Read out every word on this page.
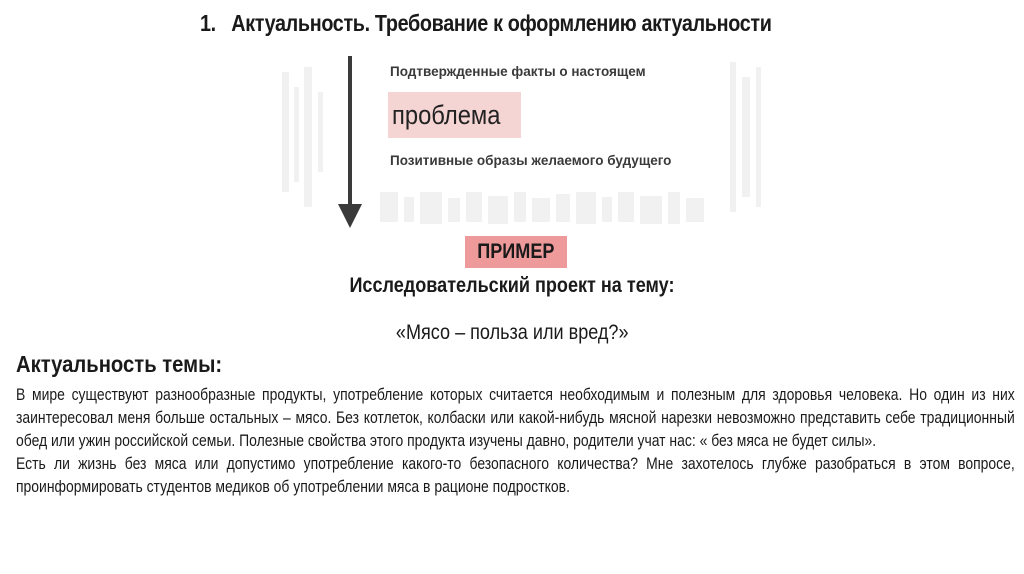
1. Актуальность. Требование к оформлению актуальности
Подтвержденные факты о настоящем
проблема
Позитивные образы желаемого будущего
ПРИМЕР
Исследовательский проект на тему:
«Мясо – польза или вред?»
Актуальность темы:

В мире существуют разнообразные продукты, употребление которых считается необходимым и полезным для здоровья человека. Но один из них заинтересовал меня больше остальных – мясо. Без котлеток, колбаски или какой-нибудь мясной нарезки невозможно представить себе традиционный обед или ужин российской семьи. Полезные свойства этого продукта изучены давно, родители учат нас: « без мяса не будет силы».

Есть ли жизнь без мяса или допустимо употребление какого-то безопасного количества? Мне захотелось глубже разобраться в этом вопросе, проинформировать студентов медиков об употреблении мяса в рационе подростков.
